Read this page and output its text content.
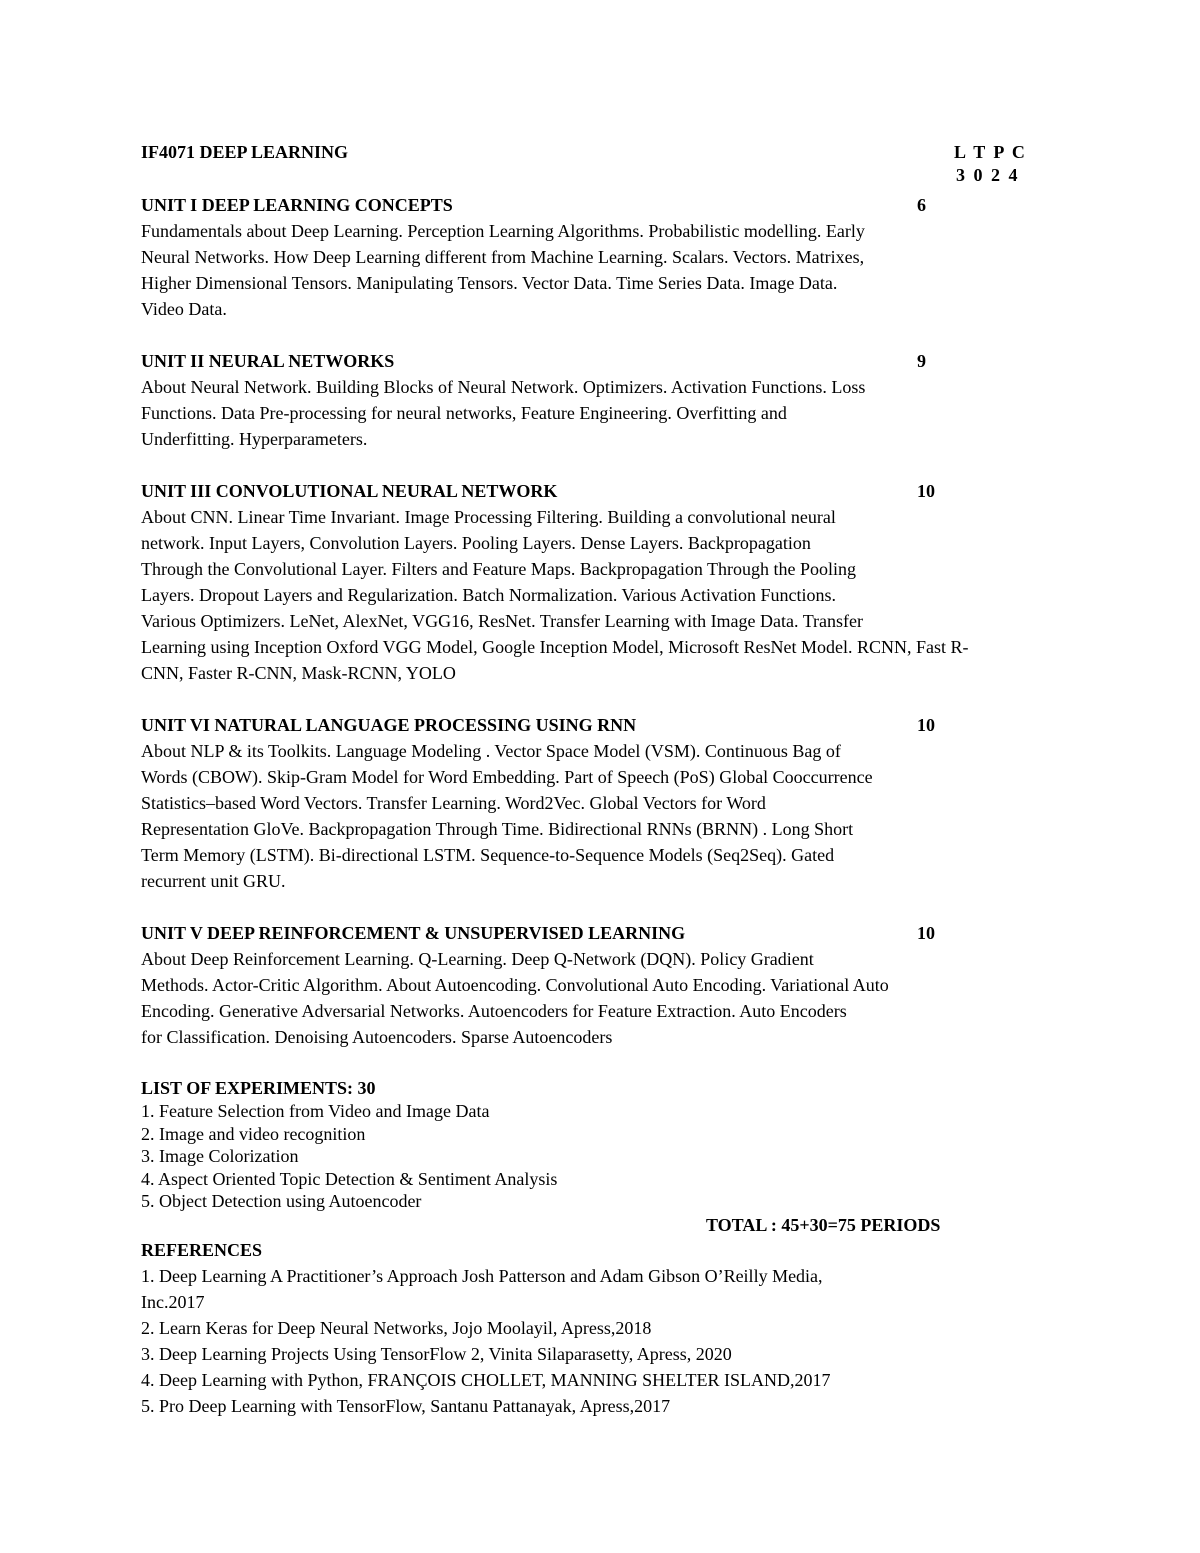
IF4071 DEEP LEARNING	L T P C
3 0 2 4
UNIT I DEEP LEARNING CONCEPTS	6
Fundamentals about Deep Learning. Perception Learning Algorithms. Probabilistic modelling. Early
Neural Networks. How Deep Learning different from Machine Learning. Scalars. Vectors. Matrixes,
Higher Dimensional Tensors. Manipulating Tensors. Vector Data. Time Series Data. Image Data.
Video Data.
UNIT II NEURAL NETWORKS	9
About Neural Network. Building Blocks of Neural Network. Optimizers. Activation Functions. Loss
Functions. Data Pre-processing for neural networks, Feature Engineering. Overfitting and
Underfitting. Hyperparameters.
UNIT III CONVOLUTIONAL NEURAL NETWORK	10
About CNN. Linear Time Invariant. Image Processing Filtering. Building a convolutional neural
network. Input Layers, Convolution Layers. Pooling Layers. Dense Layers. Backpropagation
Through the Convolutional Layer. Filters and Feature Maps. Backpropagation Through the Pooling
Layers. Dropout Layers and Regularization. Batch Normalization. Various Activation Functions.
Various Optimizers. LeNet, AlexNet, VGG16, ResNet. Transfer Learning with Image Data. Transfer
Learning using Inception Oxford VGG Model, Google Inception Model, Microsoft ResNet Model. RCNN, Fast R-
CNN, Faster R-CNN, Mask-RCNN, YOLO
UNIT VI NATURAL LANGUAGE PROCESSING USING RNN	10
About NLP & its Toolkits. Language Modeling . Vector Space Model (VSM). Continuous Bag of
Words (CBOW). Skip-Gram Model for Word Embedding. Part of Speech (PoS) Global Cooccurrence
Statistics–based Word Vectors. Transfer Learning. Word2Vec. Global Vectors for Word
Representation GloVe. Backpropagation Through Time. Bidirectional RNNs (BRNN) . Long Short
Term Memory (LSTM). Bi-directional LSTM. Sequence-to-Sequence Models (Seq2Seq). Gated
recurrent unit GRU.
UNIT V DEEP REINFORCEMENT & UNSUPERVISED LEARNING	10
About Deep Reinforcement Learning. Q-Learning. Deep Q-Network (DQN). Policy Gradient
Methods. Actor-Critic Algorithm. About Autoencoding. Convolutional Auto Encoding. Variational Auto
Encoding. Generative Adversarial Networks. Autoencoders for Feature Extraction. Auto Encoders
for Classification. Denoising Autoencoders. Sparse Autoencoders
LIST OF EXPERIMENTS: 30
1. Feature Selection from Video and Image Data
2. Image and video recognition
3. Image Colorization
4. Aspect Oriented Topic Detection & Sentiment Analysis
5. Object Detection using Autoencoder
TOTAL : 45+30=75 PERIODS
REFERENCES
1. Deep Learning A Practitioner’s Approach Josh Patterson and Adam Gibson O’Reilly Media,
Inc.2017
2. Learn Keras for Deep Neural Networks, Jojo Moolayil, Apress,2018
3. Deep Learning Projects Using TensorFlow 2, Vinita Silaparasetty, Apress, 2020
4. Deep Learning with Python, FRANÇOIS CHOLLET, MANNING SHELTER ISLAND,2017
5. Pro Deep Learning with TensorFlow, Santanu Pattanayak, Apress,2017
